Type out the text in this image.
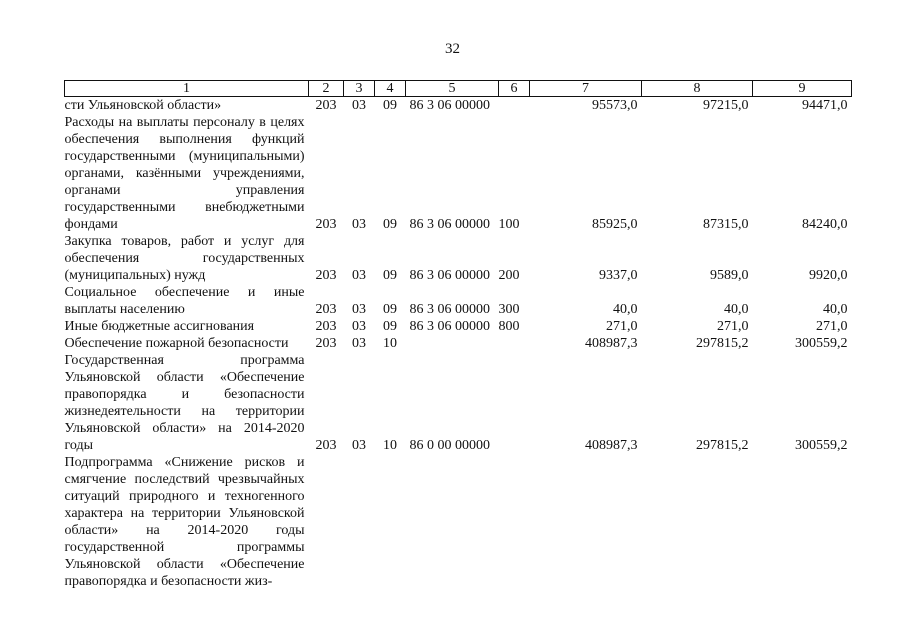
32
1	2	3	4	5	6	7	8	9
сти Ульяновской области»	203	03	09	86 3 06 00000		95573,0	97215,0	94471,0
Расходы на выплаты персоналу в целях обеспечения выполнения функций государственными (муниципальными) органами, казёнными учреждениями, органами управления государственными внебюджетными фондами	203	03	09	86 3 06 00000	100	85925,0	87315,0	84240,0
Закупка товаров, работ и услуг для обеспечения государственных (муниципальных) нужд	203	03	09	86 3 06 00000	200	9337,0	9589,0	9920,0
Социальное обеспечение и иные выплаты населению	203	03	09	86 3 06 00000	300	40,0	40,0	40,0
Иные бюджетные ассигнования	203	03	09	86 3 06 00000	800	271,0	271,0	271,0
Обеспечение пожарной безопасности	203	03	10			408987,3	297815,2	300559,2
Государственная программа Ульяновской области «Обеспечение правопорядка и безопасности жизнедеятельности на территории Ульяновской области» на 2014-2020 годы	203	03	10	86 0 00 00000		408987,3	297815,2	300559,2
Подпрограмма «Снижение рисков и смягчение последствий чрезвычайных ситуаций природного и техногенного характера на территории Ульяновской области» на 2014-2020 годы государственной программы Ульяновской области «Обеспечение правопорядка и безопасности жиз-								
